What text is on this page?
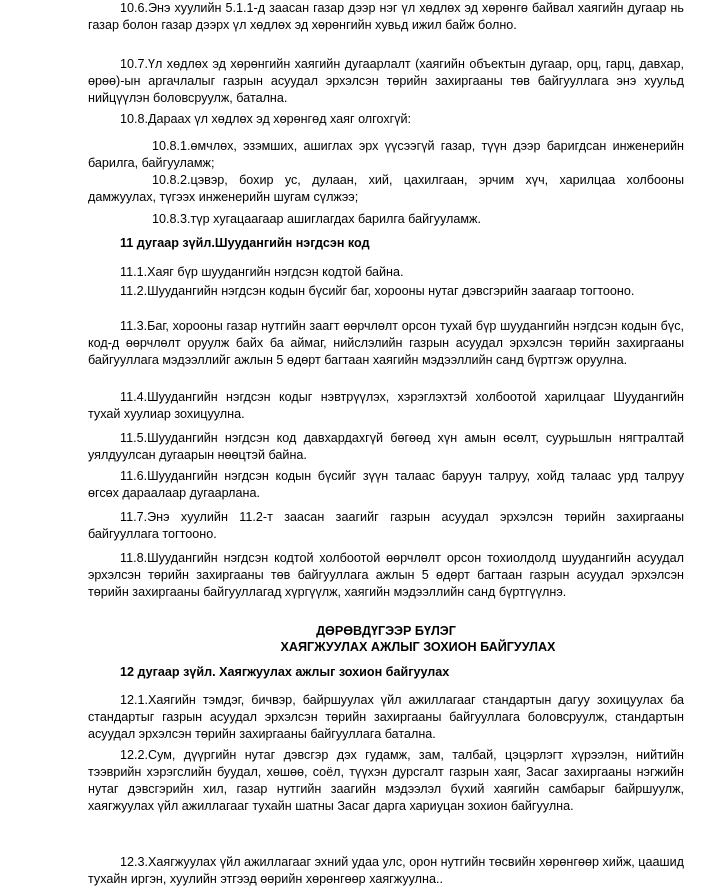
10.6.Энэ хуулийн 5.1.1-д заасан газар дээр нэг үл хөдлөх эд хөрөнгө байвал хаягийн дугаар нь газар болон газар дээрх үл хөдлөх эд хөрөнгийн хувьд ижил байж болно.

10.7.Үл хөдлөх эд хөрөнгийн хаягийн дугаарлалт (хаягийн объектын дугаар, орц, гарц, давхар, өрөө)-ын аргачлалыг газрын асуудал эрхэлсэн төрийн захиргааны төв байгууллага энэ хуульд нийцүүлэн боловсруулж, батална.

10.8.Дараах үл хөдлөх эд хөрөнгөд хаяг олгохгүй:

10.8.1.өмчлөх, эзэмших, ашиглах эрх үүсээгүй газар, түүн дээр баригдсан инженерийн барилга, байгууламж;

10.8.2.цэвэр, бохир ус, дулаан, хий, цахилгаан, эрчим хүч, харилцаа холбооны дамжуулах, түгээх инженерийн шугам сүлжээ;

10.8.3.түр хугацаагаар ашиглагдах барилга байгууламж.

11 дугаар зүйл.Шуудангийн нэгдсэн код

11.1.Хаяг бүр шуудангийн нэгдсэн кодтой байна.

11.2.Шуудангийн нэгдсэн кодын бүсийг баг, хорооны нутаг дэвсгэрийн заагаар тогтооно.

11.3.Баг, хорооны газар нутгийн заагт өөрчлөлт орсон тухай бүр шуудангийн нэгдсэн кодын бүс, код-д өөрчлөлт оруулж байх ба аймаг, нийслэлийн газрын асуудал эрхэлсэн төрийн захиргааны байгууллага мэдээллийг ажлын 5 өдөрт багтаан хаягийн мэдээллийн санд бүртгэж оруулна.

11.4.Шуудангийн нэгдсэн кодыг нэвтрүүлэх, хэрэглэхтэй холбоотой харилцааг Шуудангийн тухай хуулиар зохицуулна.

11.5.Шуудангийн нэгдсэн код давхардахгүй бөгөөд хүн амын өсөлт, суурьшлын нягтралтай уялдуулсан дугаарын нөөцтэй байна.

11.6.Шуудангийн нэгдсэн кодын бүсийг зүүн талаас баруун талруу, хойд талаас урд талруу өгсөх дараалаар дугаарлана.

11.7.Энэ хуулийн 11.2-т заасан заагийг газрын асуудал эрхэлсэн төрийн захиргааны байгууллага тогтооно.

11.8.Шуудангийн нэгдсэн кодтой холбоотой өөрчлөлт орсон тохиолдолд шуудангийн асуудал эрхэлсэн төрийн захиргааны төв байгууллага ажлын 5 өдөрт багтаан газрын асуудал эрхэлсэн төрийн захиргааны байгууллагад хүргүүлж, хаягийн мэдээллийн санд бүртгүүлнэ.

ДӨРӨВДҮГЭЭР БҮЛЭГ

ХАЯГЖУУЛАХ АЖЛЫГ ЗОХИОН БАЙГУУЛАХ

12 дугаар зүйл. Хаягжуулах ажлыг зохион байгуулах

12.1.Хаягийн тэмдэг, бичвэр, байршуулах үйл ажиллагааг стандартын дагуу зохицуулах ба стандартыг газрын асуудал эрхэлсэн төрийн захиргааны байгууллага боловсруулж, стандартын асуудал эрхэлсэн төрийн захиргааны байгууллага батална.

12.2.Сум, дүүргийн нутаг дэвсгэр дэх гудамж, зам, талбай, цэцэрлэгт хүрээлэн, нийтийн тээврийн хэрэгслийн буудал, хөшөө, соёл, түүхэн дурсгалт газрын хаяг, Засаг захиргааны нэгжийн нутаг дэвсгэрийн хил, газар нутгийн заагийн мэдээлэл бүхий хаягийн самбарыг байршуулж, хаягжуулах үйл ажиллагааг тухайн шатны Засаг дарга хариуцан зохион байгуулна.

12.3.Хаягжуулах үйл ажиллагааг эхний удаа улс, орон нутгийн төсвийн хөрөнгөөр хийж, цаашид тухайн иргэн, хуулийн этгээд өөрийн хөрөнгөөр хаягжуулна..
